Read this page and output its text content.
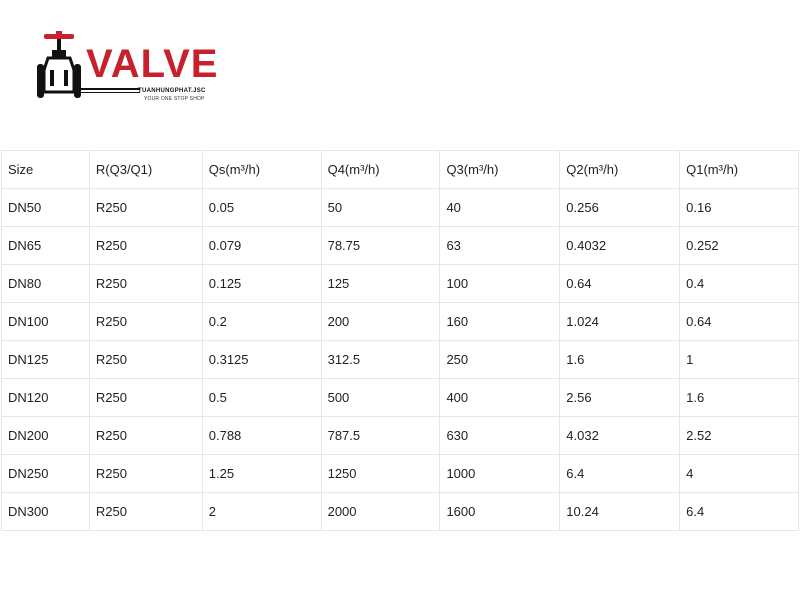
VALVE
TUANHUNGPHAT.JSC
YOUR ONE STOP SHOP
Size	R(Q3/Q1)	Qs(m³/h)	Q4(m³/h)	Q3(m³/h)	Q2(m³/h)	Q1(m³/h)
DN50	R250	0.05	50	40	0.256	0.16
DN65	R250	0.079	78.75	63	0.4032	0.252
DN80	R250	0.125	125	100	0.64	0.4
DN100	R250	0.2	200	160	1.024	0.64
DN125	R250	0.3125	312.5	250	1.6	1
DN120	R250	0.5	500	400	2.56	1.6
DN200	R250	0.788	787.5	630	4.032	2.52
DN250	R250	1.25	1250	1000	6.4	4
DN300	R250	2	2000	1600	10.24	6.4
